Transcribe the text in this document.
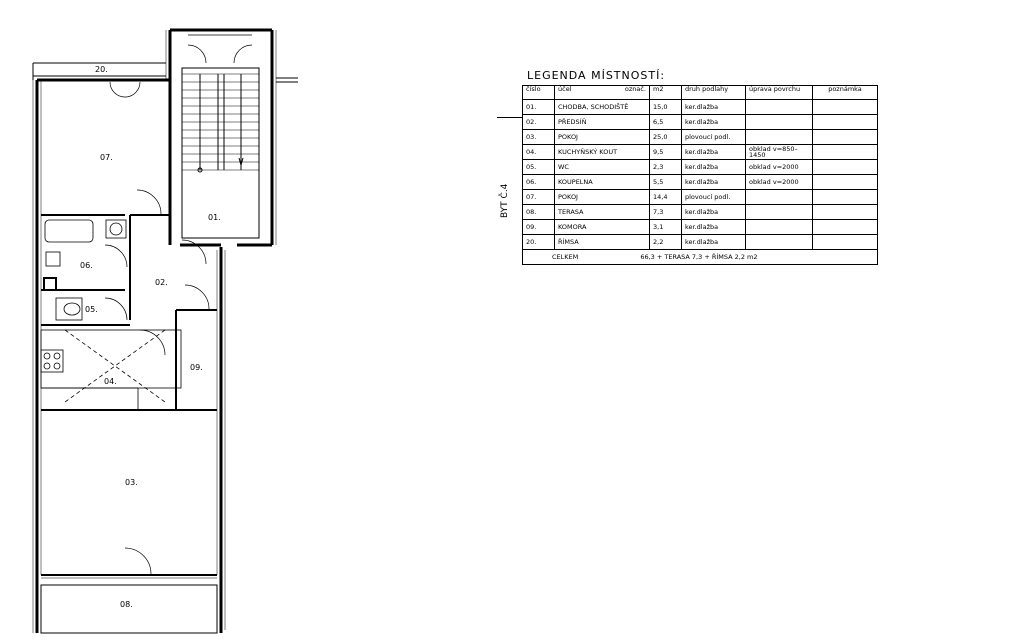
20.
07.
01.
06.
02.
05.
04.
09.
03.
08.
LEGENDA MÍSTNOSTÍ:
BYT Č.4
číslo	účel označ.	m2	druh podlahy	úprava povrchu	poznámka
01.	CHODBA, SCHODIŠTĚ	15,0	ker.dlažba		
02.	PŘEDSÍŇ	6,5	ker.dlažba		
03.	POKOJ	25,0	plovoucí podl.		
04.	KUCHYŇSKÝ KOUT	9,5	ker.dlažba	obklad v=850–1450	
05.	WC	2,3	ker.dlažba	obklad v=2000	
06.	KOUPELNA	5,5	ker.dlažba	obklad v=2000	
07.	POKOJ	14,4	plovoucí podl.		
08.	TERASA	7,3	ker.dlažba		
09.	KOMORA	3,1	ker.dlažba		
20.	ŘÍMSA	2,2	ker.dlažba		
CELKEM 66,3 + TERASA 7,3 + ŘÍMSA 2,2 m2					
